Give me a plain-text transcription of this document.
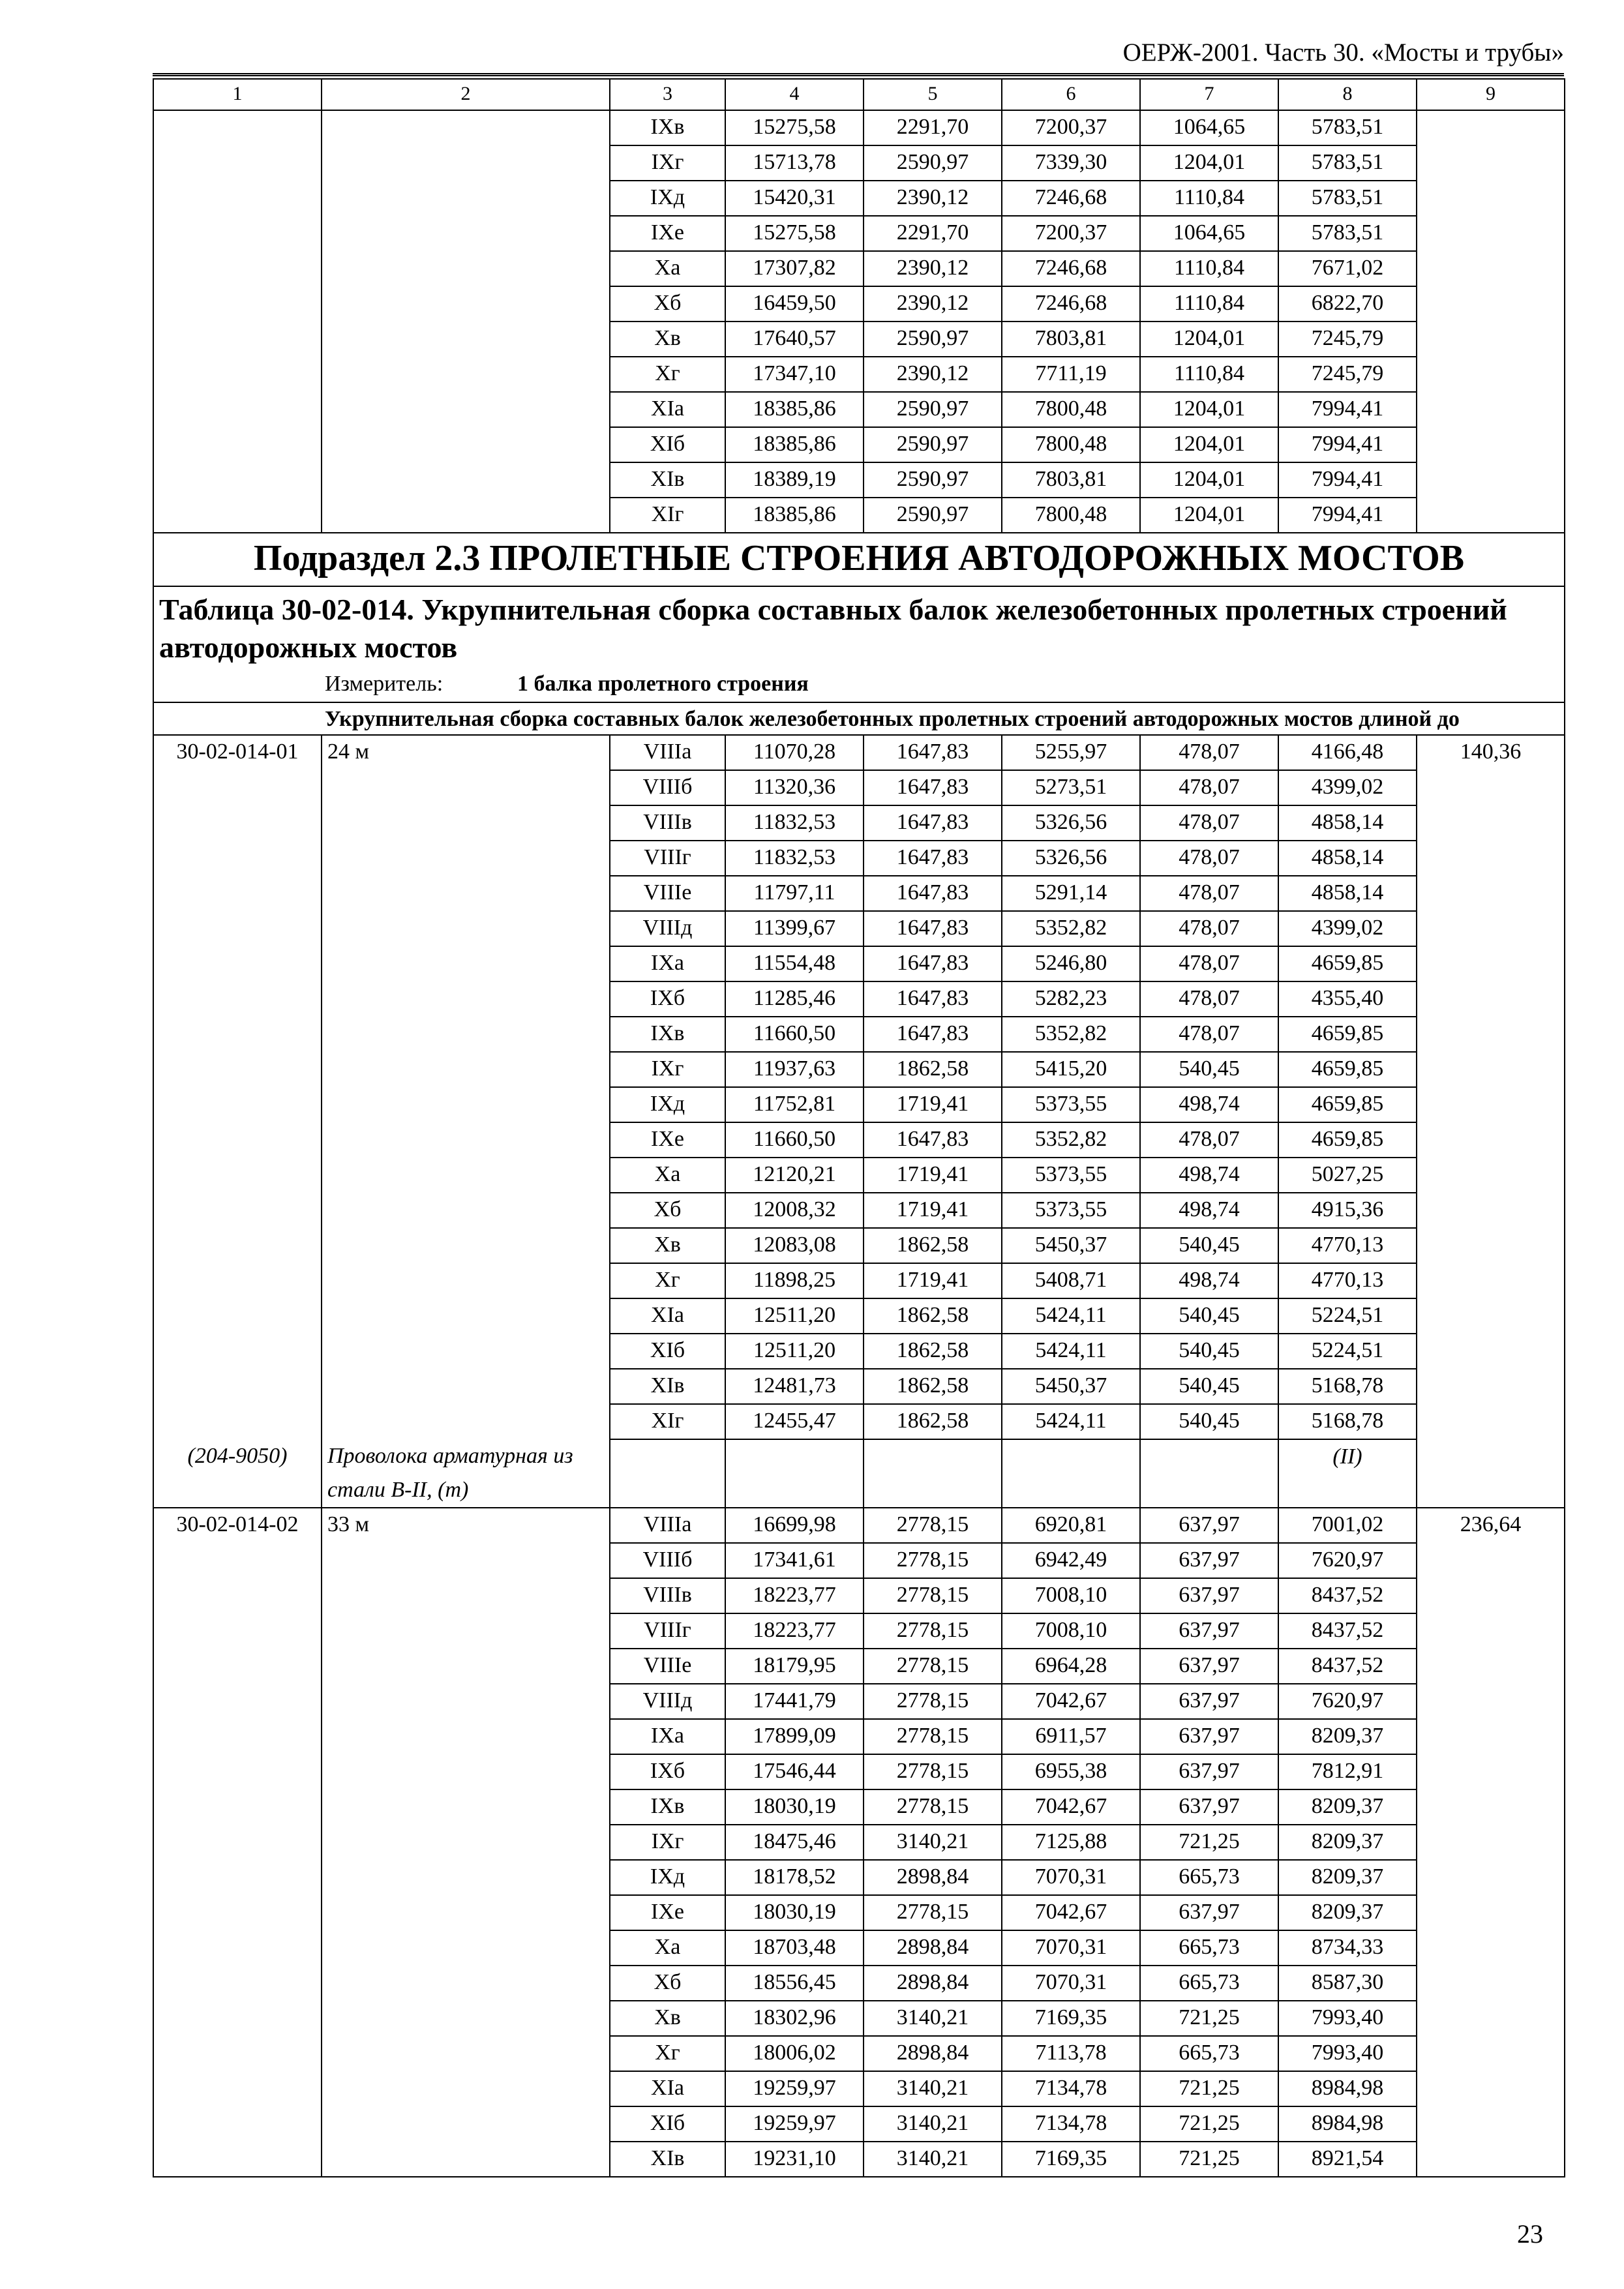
ОЕРЖ-2001. Часть 30. «Мосты и трубы»
1	2	3	4	5	6	7	8	9
		IXв	15275,58	2291,70	7200,37	1064,65	5783,51	
		IXг	15713,78	2590,97	7339,30	1204,01	5783,51	
		IXд	15420,31	2390,12	7246,68	1110,84	5783,51	
		IXе	15275,58	2291,70	7200,37	1064,65	5783,51	
		Xа	17307,82	2390,12	7246,68	1110,84	7671,02	
		Xб	16459,50	2390,12	7246,68	1110,84	6822,70	
		Xв	17640,57	2590,97	7803,81	1204,01	7245,79	
		Xг	17347,10	2390,12	7711,19	1110,84	7245,79	
		XIа	18385,86	2590,97	7800,48	1204,01	7994,41	
		XIб	18385,86	2590,97	7800,48	1204,01	7994,41	
		XIв	18389,19	2590,97	7803,81	1204,01	7994,41	
		XIг	18385,86	2590,97	7800,48	1204,01	7994,41	
Подраздел 2.3 ПРОЛЕТНЫЕ СТРОЕНИЯ АВТОДОРОЖНЫХ МОСТОВ								
Таблица 30-02-014. Укрупнительная сборка составных балок железобетонных пролетных строений автодорожных мостов								
Измеритель: 1 балка пролетного строения								
Укрупнительная сборка составных балок железобетонных пролетных строений автодорожных мостов длиной до								
30-02-014-01	24 м	VIIIа	11070,28	1647,83	5255,97	478,07	4166,48	140,36
		VIIIб	11320,36	1647,83	5273,51	478,07	4399,02	
		VIIIв	11832,53	1647,83	5326,56	478,07	4858,14	
		VIIIг	11832,53	1647,83	5326,56	478,07	4858,14	
		VIIIе	11797,11	1647,83	5291,14	478,07	4858,14	
		VIIIд	11399,67	1647,83	5352,82	478,07	4399,02	
		IXа	11554,48	1647,83	5246,80	478,07	4659,85	
		IXб	11285,46	1647,83	5282,23	478,07	4355,40	
		IXв	11660,50	1647,83	5352,82	478,07	4659,85	
		IXг	11937,63	1862,58	5415,20	540,45	4659,85	
		IXд	11752,81	1719,41	5373,55	498,74	4659,85	
		IXе	11660,50	1647,83	5352,82	478,07	4659,85	
		Xа	12120,21	1719,41	5373,55	498,74	5027,25	
		Xб	12008,32	1719,41	5373,55	498,74	4915,36	
		Xв	12083,08	1862,58	5450,37	540,45	4770,13	
		Xг	11898,25	1719,41	5408,71	498,74	4770,13	
		XIа	12511,20	1862,58	5424,11	540,45	5224,51	
		XIб	12511,20	1862,58	5424,11	540,45	5224,51	
		XIв	12481,73	1862,58	5450,37	540,45	5168,78	
		XIг	12455,47	1862,58	5424,11	540,45	5168,78	
(204-9050)	Проволока арматурная из стали В-II, (т)						(II)	
30-02-014-02	33 м	VIIIа	16699,98	2778,15	6920,81	637,97	7001,02	236,64
		VIIIб	17341,61	2778,15	6942,49	637,97	7620,97	
		VIIIв	18223,77	2778,15	7008,10	637,97	8437,52	
		VIIIг	18223,77	2778,15	7008,10	637,97	8437,52	
		VIIIе	18179,95	2778,15	6964,28	637,97	8437,52	
		VIIIд	17441,79	2778,15	7042,67	637,97	7620,97	
		IXа	17899,09	2778,15	6911,57	637,97	8209,37	
		IXб	17546,44	2778,15	6955,38	637,97	7812,91	
		IXв	18030,19	2778,15	7042,67	637,97	8209,37	
		IXг	18475,46	3140,21	7125,88	721,25	8209,37	
		IXд	18178,52	2898,84	7070,31	665,73	8209,37	
		IXе	18030,19	2778,15	7042,67	637,97	8209,37	
		Xа	18703,48	2898,84	7070,31	665,73	8734,33	
		Xб	18556,45	2898,84	7070,31	665,73	8587,30	
		Xв	18302,96	3140,21	7169,35	721,25	7993,40	
		Xг	18006,02	2898,84	7113,78	665,73	7993,40	
		XIа	19259,97	3140,21	7134,78	721,25	8984,98	
		XIб	19259,97	3140,21	7134,78	721,25	8984,98	
		XIв	19231,10	3140,21	7169,35	721,25	8921,54	
23
